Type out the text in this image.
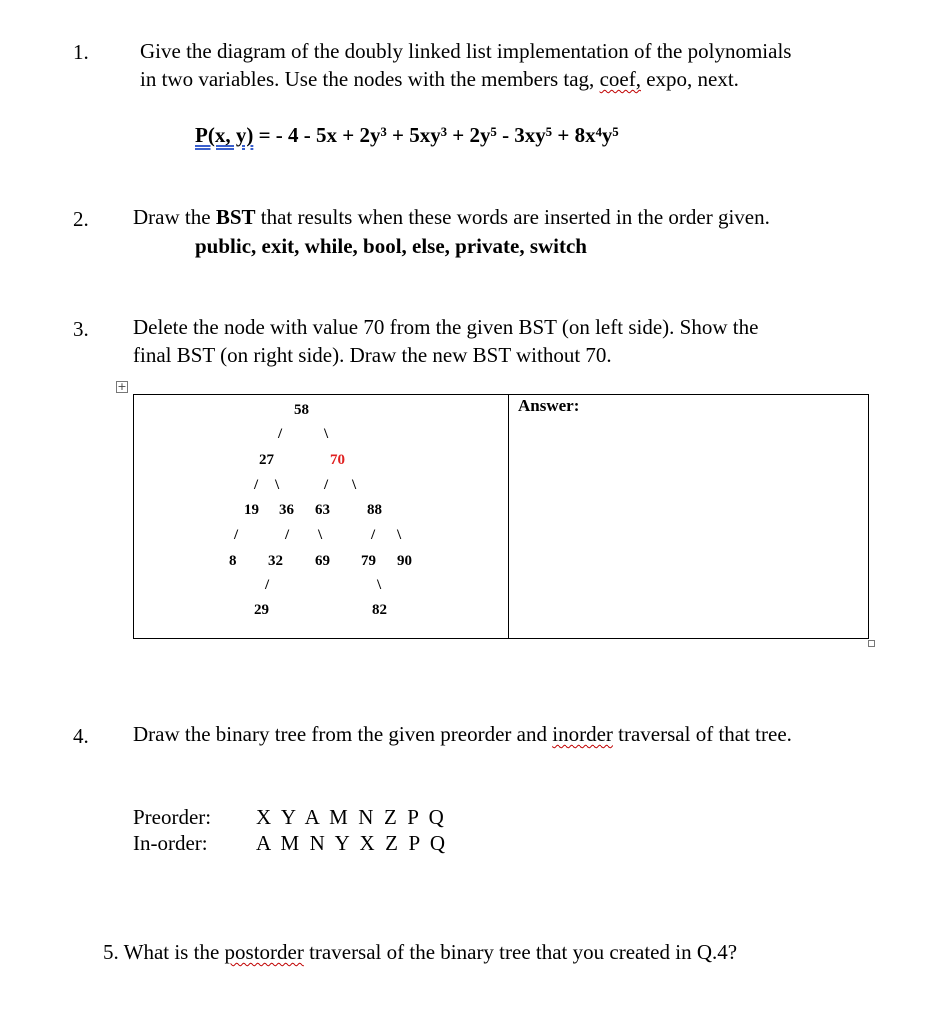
1. Give the diagram of the doubly linked list implementation of the polynomials
in two variables. Use the nodes with the members tag, coef, expo, next.
P(x, y) = - 4 - 5x + 2y³ + 5xy³ + 2y⁵ - 3xy⁵ + 8x⁴y⁵
2. Draw the BST that results when these words are inserted in the order given.
public, exit, while, bool, else, private, switch
3. Delete the node with value 70 from the given BST (on left side). Show the
final BST (on right side). Draw the new BST without 70.
+
Answer:
58
/	\
27	70
/ \	/ \
19 36 63 88
/	/ \	/ \
8 32 69 79 90
/	\
29	82
4. Draw the binary tree from the given preorder and inorder traversal of that tree.
Preorder: X  Y  A  M  N  Z  P  Q
In-order: A  M  N  Y  X  Z  P  Q
5. What is the postorder traversal of the binary tree that you created in Q.4?
